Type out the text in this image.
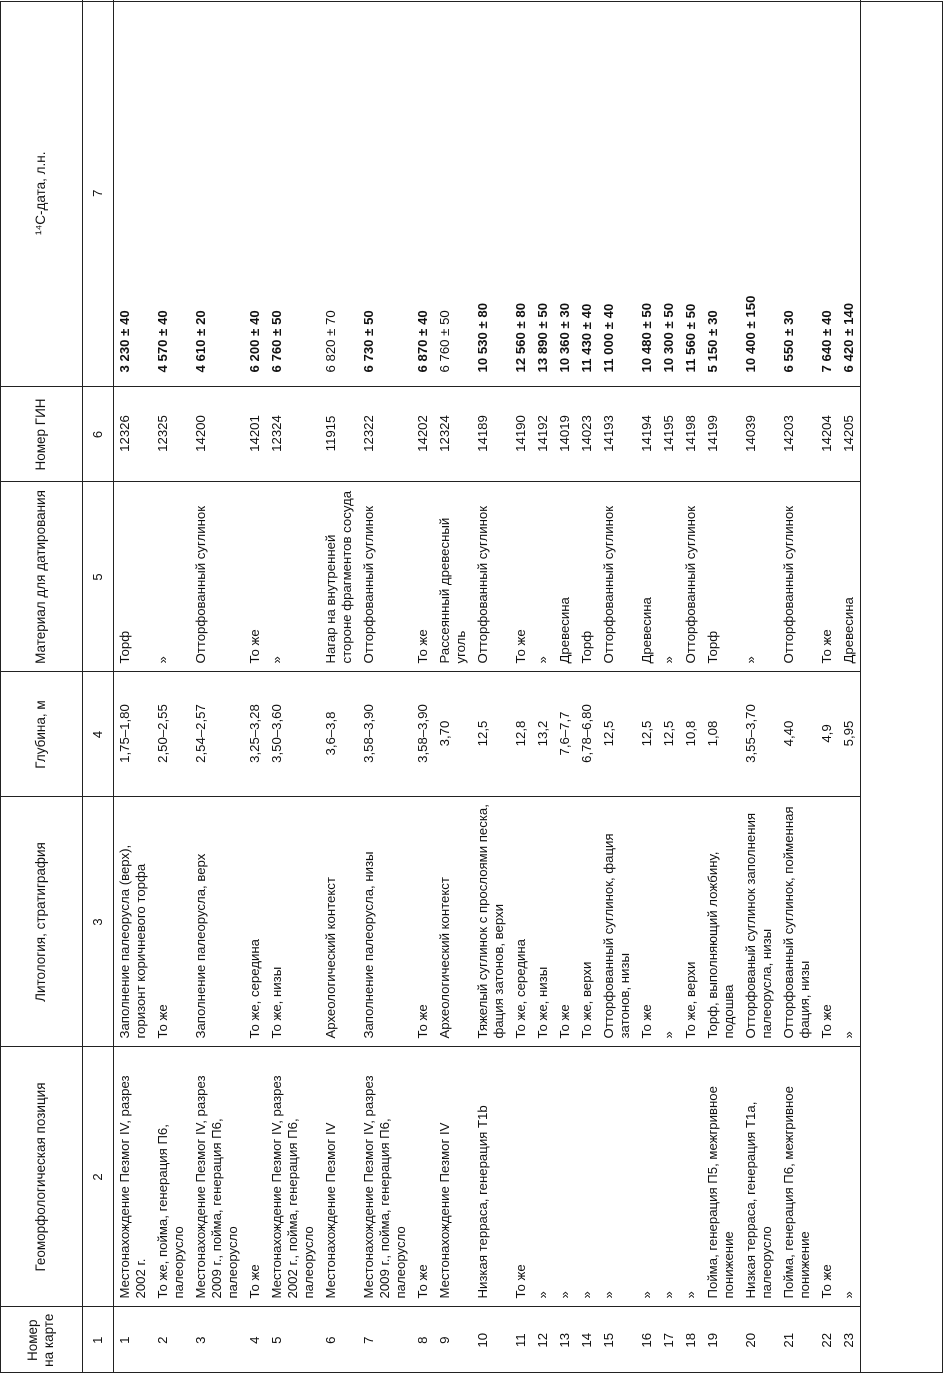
Номер на карте	Геоморфологическая позиция	Литология, стратиграфия	Глубина, м	Материал для датирования	Номер ГИН	¹⁴С-дата, л.н.
1	2	3	4	5	6	7
1	Местонахождение Пезмог IV, разрез 2002 г.	Заполнение палеорусла (верх), горизонт коричневого торфа	1,75–1,80	Торф	12326	3 230 ± 40
2	То же, пойма, генерация П6, палеорусло	То же	2,50–2,55	»	12325	4 570 ± 40
3	Местонахождение Пезмог IV, разрез 2009 г., пойма, генерация П6, палеорусло	Заполнение палеорусла, верх	2,54–2,57	Отторфованный суглинок	14200	4 610 ± 20
4	То же	То же, середина	3,25–3,28	То же	14201	6 200 ± 40
5	Местонахождение Пезмог IV, разрез 2002 г., пойма, генерация П6, палеорусло	То же, низы	3,50–3,60	»	12324	6 760 ± 50
6	Местонахождение Пезмог IV	Археологический контекст	3,6–3,8	Нагар на внутренней стороне фрагментов сосуда	11915	6 820 ± 70
7	Местонахождение Пезмог IV, разрез 2009 г., пойма, генерация П6, палеорусло	Заполнение палеорусла, низы	3,58–3,90	Отторфованный суглинок	12322	6 730 ± 50
8	То же	То же	3,58–3,90	То же	14202	6 870 ± 40
9	Местонахождение Пезмог IV	Археологический контекст	3,70	Рассеянный древесный уголь	12324	6 760 ± 50
10	Низкая терраса, генерация Т1b	Тяжелый суглинок с прослоями песка, фация затонов, верхи	12,5	Отторфованный суглинок	14189	10 530 ± 80
11	То же	То же, середина	12,8	То же	14190	12 560 ± 80
12	»	То же, низы	13,2	»	14192	13 890 ± 50
13	»	То же	7,6–7,7	Древесина	14019	10 360 ± 30
14	»	То же, верхи	6,78–6,80	Торф	14023	11 430 ± 40
15	»	Отторфованный суглинок, фация затонов, низы	12,5	Отторфованный суглинок	14193	11 000 ± 40
16	»	То же	12,5	Древесина	14194	10 480 ± 50
17	»	»	12,5	»	14195	10 300 ± 50
18	»	То же, верхи	10,8	Отторфованный суглинок	14198	11 560 ± 50
19	Пойма, генерация П5, межгривное понижение	Торф, выполняющий ложбину, подошва	1,08	Торф	14199	5 150 ± 30
20	Низкая терраса, генерация Т1а, палеорусло	Отторфованый суглинок заполнения палеорусла, низы	3,55–3,70	»	14039	10 400 ± 150
21	Пойма, генерация П6, межгривное понижение	Отторфованный суглинок, пойменная фация, низы	4,40	Отторфованный суглинок	14203	6 550 ± 30
22	То же	То же	4,9	То же	14204	7 640 ± 40
23	»	»	5,95	Древесина	14205	6 420 ± 140
